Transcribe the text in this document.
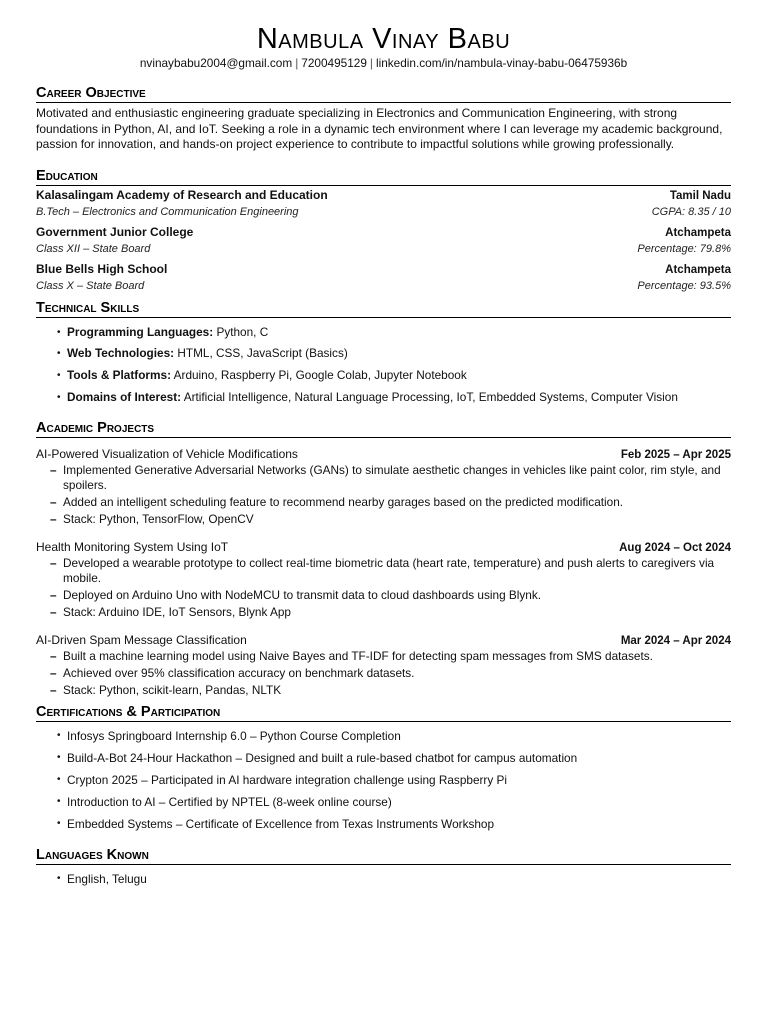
Nambula Vinay Babu
nvinaybabu2004@gmail.com | 7200495129 | linkedin.com/in/nambula-vinay-babu-06475936b
Career Objective
Motivated and enthusiastic engineering graduate specializing in Electronics and Communication Engineering, with strong foundations in Python, AI, and IoT. Seeking a role in a dynamic tech environment where I can leverage my academic background, passion for innovation, and hands-on project experience to contribute to impactful solutions while growing professionally.
Education
Kalasalingam Academy of Research and Education	Tamil Nadu
B.Tech – Electronics and Communication Engineering	CGPA: 8.35 / 10
Government Junior College	Atchampeta
Class XII – State Board	Percentage: 79.8%
Blue Bells High School	Atchampeta
Class X – State Board	Percentage: 93.5%
Technical Skills
• Programming Languages: Python, C
• Web Technologies: HTML, CSS, JavaScript (Basics)
• Tools & Platforms: Arduino, Raspberry Pi, Google Colab, Jupyter Notebook
• Domains of Interest: Artificial Intelligence, Natural Language Processing, IoT, Embedded Systems, Computer Vision
Academic Projects
AI-Powered Visualization of Vehicle Modifications	Feb 2025 – Apr 2025
– Implemented Generative Adversarial Networks (GANs) to simulate aesthetic changes in vehicles like paint color, rim style, and spoilers.
– Added an intelligent scheduling feature to recommend nearby garages based on the predicted modification.
– Stack: Python, TensorFlow, OpenCV
Health Monitoring System Using IoT	Aug 2024 – Oct 2024
– Developed a wearable prototype to collect real-time biometric data (heart rate, temperature) and push alerts to caregivers via mobile.
– Deployed on Arduino Uno with NodeMCU to transmit data to cloud dashboards using Blynk.
– Stack: Arduino IDE, IoT Sensors, Blynk App
AI-Driven Spam Message Classification	Mar 2024 – Apr 2024
– Built a machine learning model using Naive Bayes and TF-IDF for detecting spam messages from SMS datasets.
– Achieved over 95% classification accuracy on benchmark datasets.
– Stack: Python, scikit-learn, Pandas, NLTK
Certifications & Participation
• Infosys Springboard Internship 6.0 – Python Course Completion
• Build-A-Bot 24-Hour Hackathon – Designed and built a rule-based chatbot for campus automation
• Crypton 2025 – Participated in AI hardware integration challenge using Raspberry Pi
• Introduction to AI – Certified by NPTEL (8-week online course)
• Embedded Systems – Certificate of Excellence from Texas Instruments Workshop
Languages Known
• English, Telugu
